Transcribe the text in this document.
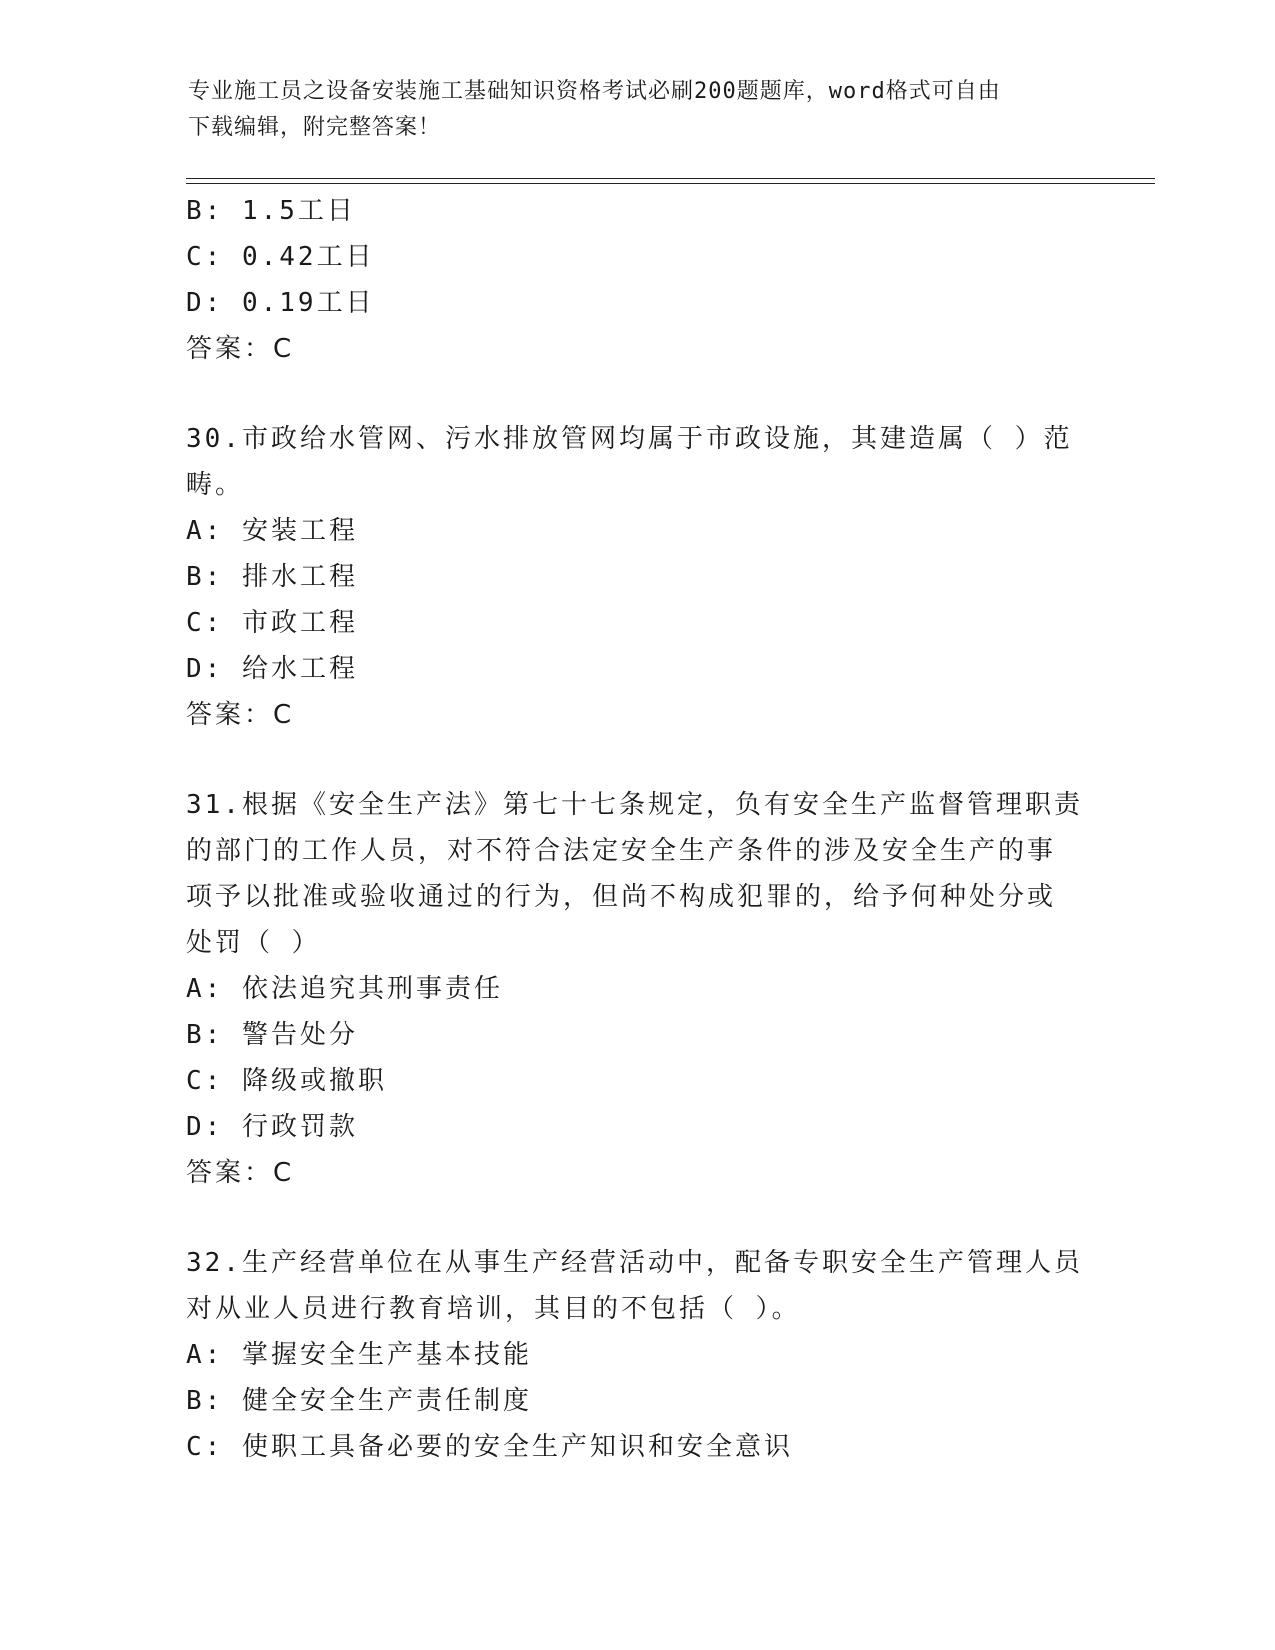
专业施工员之设备安装施工基础知识资格考试必刷200题题库，word格式可自由
下载编辑，附完整答案！
B: 1.5工日
C: 0.42工日
D: 0.19工日
答案：C
30.市政给水管网、污水排放管网均属于市政设施，其建造属（ ）范
畴。
A: 安装工程
B: 排水工程
C: 市政工程
D: 给水工程
答案：C
31.根据《安全生产法》第七十七条规定，负有安全生产监督管理职责
的部门的工作人员，对不符合法定安全生产条件的涉及安全生产的事
项予以批准或验收通过的行为，但尚不构成犯罪的，给予何种处分或
处罚（ ）
A: 依法追究其刑事责任
B: 警告处分
C: 降级或撤职
D: 行政罚款
答案：C
32.生产经营单位在从事生产经营活动中，配备专职安全生产管理人员
对从业人员进行教育培训，其目的不包括（ ）。
A: 掌握安全生产基本技能
B: 健全安全生产责任制度
C: 使职工具备必要的安全生产知识和安全意识
